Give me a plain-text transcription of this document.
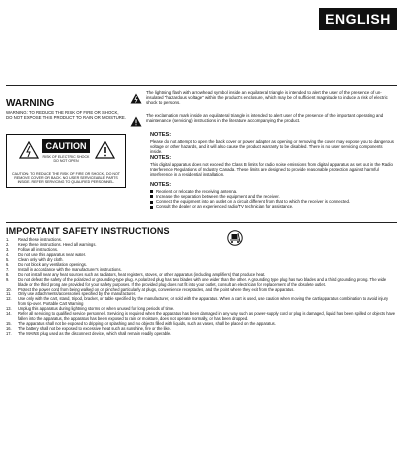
ENGLISH
WARNING
WARNING: TO REDUCE THE RISK OF FIRE OR SHOCK, DO NOT EXPOSE THIS PRODUCT TO RAIN OR MOISTURE.
CAUTION
RISK OF ELECTRIC SHOCK DO NOT OPEN
CAUTION: TO REDUCE THE RISK OF FIRE OR SHOCK, DO NOT REMOVE COVER OR BACK. NO USER SERVICEABLE PARTS INSIDE. REFER SERVICING TO QUALIFIED PERSONNEL.
The lightning flash with arrowhead symbol inside an equilateral triangle is intended to alert the user of the presence of un-insulated "hazardous voltage" within the product's enclosure, which may be of sufficient magnitude to induce a risk of electric shock to persons.
The exclamation mark inside an equilateral triangle is intended to alert user of the presence of the important operating and maintenance (servicing) instructions in the literature accompanying the product.
NOTES:
Please do not attempt to open the back cover or power adapter as opening or removing the cover may expose you to dangerous voltage or other hazards, and it will also cause the product warranty to be disabled. There is no user servicing components inside.
NOTES:
This digital apparatus does not exceed the Class B limits for radio noise emissions from digital apparatus as set out in the Radio Interference Regulations of Industry Canada. These limits are designed to provide reasonable protection against harmful interference in a residential installation.
NOTES:
Reorient or relocate the receiving antenna.
Increase the separation between the equipment and the receiver.
Connect the equipment into an outlet on a circuit different from that to which the receiver is connected.
Consult the dealer or an experienced radio/TV technician for assistance.
IMPORTANT SAFETY INSTRUCTIONS
1.	Read these instructions.
2.	Keep these instructions. Heed all warnings.
3.	Follow all instructions.
4.	Do not use this apparatus near water.
5.	Clean only with dry cloth.
6.	Do not block any ventilation openings.
7.	Install in accordance with the manufacturer's instructions.
8.	Do not install near any heat sources such as radiators, heat registers, stoves, or other apparatus (including amplifiers) that produce heat.
9.	Do not defeat the safety of the polarized or grounding-type plug. A polarized plug has two blades with one wider than the other. A grounding type plug has two blades and a third grounding prong. The wide blade or the third prong are provided for your safety purposes. If the provided plug does not fit into your outlet, consult an electrician for replacement of the obsolete outlet.
10.	Protect the power cord from being walked on or pinched particularly at plugs, convenience receptacles, and the point where they exit from the apparatus.
11.	Only use attachments/accessories specified by the manufacturer.
12.	Use only with the cart, stand, tripod, bracket, or table specified by the manufacturer, or sold with the apparatus. When a cart is used, use caution when moving the cart/apparatus combination to avoid injury from tip-over. Portable Cart Warning
13.	Unplug this apparatus during lightning storms or when unused for long periods of time.
14.	Refer all servicing to qualified service personnel. Servicing is required when the apparatus has been damaged in any way such as power-supply cord or plug is damaged, liquid has been spilled or objects have fallen into the apparatus, the apparatus has been exposed to rain or moisture, does not operate normally, or has been dropped.
15.	The apparatus shall not be exposed to dripping or splashing and no objects filled with liquids, such as vases, shall be placed on the apparatus.
16.	The battery shall not be exposed to excessive heat such as sunshine, fire or the like.
17.	The MAINS plug used as the disconnect device, which shall remain readily operable.
